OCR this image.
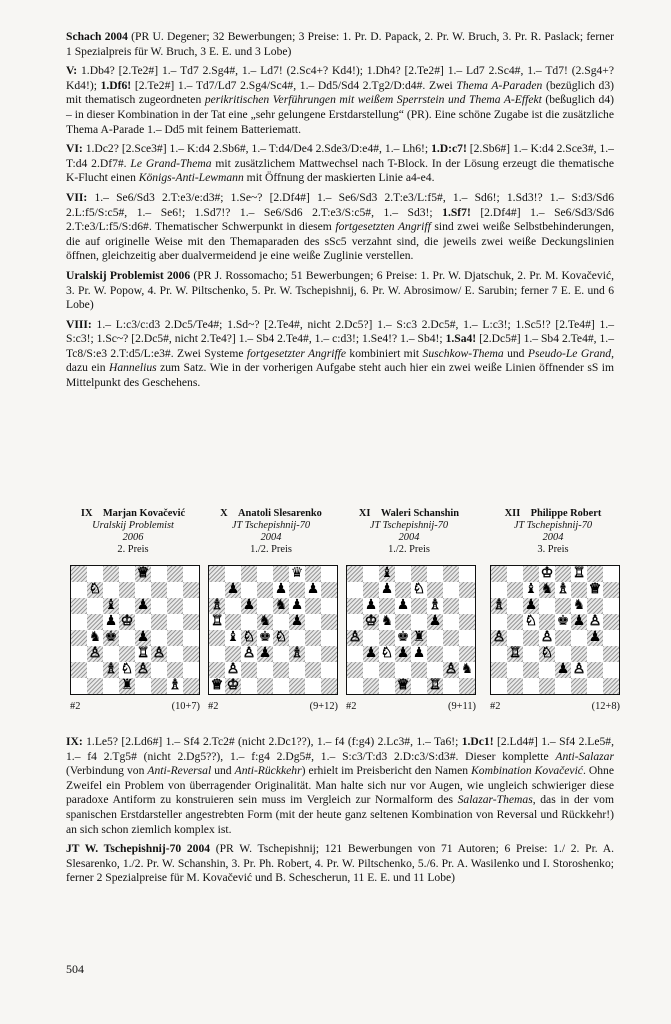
Schach 2004 (PR U. Degener; 32 Bewerbungen; 3 Preise: 1. Pr. D. Papack, 2. Pr. W. Bruch, 3. Pr. R. Paslack; ferner 1 Spezialpreis für W. Bruch, 3 E. E. und 3 Lobe)

V: 1.Db4? [2.Te2#] 1.– Td7 2.Sg4#, 1.– Ld7! (2.Sc4+? Kd4!); 1.Dh4? [2.Te2#] 1.– Ld7 2.Sc4#, 1.– Td7! (2.Sg4+? Kd4!); 1.Df6! [2.Te2#] 1.– Td7/Ld7 2.Sg4/Sc4#, 1.– Dd5/Sd4 2.Tg2/D:d4#. Zwei Thema A-Paraden (bezüglich d3) mit thematisch zugeordneten perikritischen Verführungen mit weißem Sperrstein und Thema A-Effekt (beßuglich d4) – in dieser Kombination in der Tat eine „sehr gelungene Erstdarstellung“ (PR). Eine schöne Zugabe ist die zusätzliche Thema A-Parade 1.– Dd5 mit feinem Batteriematt.

VI: 1.Dc2? [2.Sce3#] 1.– K:d4 2.Sb6#, 1.– T:d4/De4 2.Sde3/D:e4#, 1.– Lh6!; 1.D:c7! [2.Sb6#] 1.– K:d4 2.Sce3#, 1.– T:d4 2.Df7#. Le Grand-Thema mit zusätzlichem Mattwechsel nach T-Block. In der Lösung erzeugt die thematische K-Flucht einen Königs-Anti-Lewmann mit Öffnung der maskierten Linie a4-e4.

VII: 1.– Se6/Sd3 2.T:e3/e:d3#; 1.Se~? [2.Df4#] 1.– Se6/Sd3 2.T:e3/L:f5#, 1.– Sd6!; 1.Sd3!? 1.– S:d3/Sd6 2.L:f5/S:c5#, 1.– Se6!; 1.Sd7!? 1.– Se6/Sd6 2.T:e3/S:c5#, 1.– Sd3!; 1.Sf7! [2.Df4#] 1.– Se6/Sd3/Sd6 2.T:e3/L:f5/S:d6#. Thematischer Schwerpunkt in diesem fortgesetzten Angriff sind zwei weiße Selbstbehinderungen, die auf originelle Weise mit den Themaparaden des sSc5 verzahnt sind, die jeweils zwei weiße Deckungslinien öffnen, gleichzeitig aber dualvermeidend je eine weiße Zuglinie verstellen.

Uralskij Problemist 2006 (PR J. Rossomacho; 51 Bewerbungen; 6 Preise: 1. Pr. W. Djatschuk, 2. Pr. M. Kovačević, 3. Pr. W. Popow, 4. Pr. W. Piltschenko, 5. Pr. W. Tschepishnij, 6. Pr. W. Abrosimow/ E. Sarubin; ferner 7 E. E. und 6 Lobe)

VIII: 1.– L:c3/c:d3 2.Dc5/Te4#; 1.Sd~? [2.Te4#, nicht 2.Dc5?] 1.– S:c3 2.Dc5#, 1.– L:c3!; 1.Sc5!? [2.Te4#] 1.– S:c3!; 1.Sc~? [2.Dc5#, nicht 2.Te4?] 1.– Sb4 2.Te4#, 1.– c:d3!; 1.Se4!? 1.– Sb4!; 1.Sa4! [2.Dc5#] 1.– Sb4 2.Te4#, 1.– Tc8/S:e3 2.T:d5/L:e3#. Zwei Systeme fortgesetzter Angriffe kombiniert mit Suschkow-Thema und Pseudo-Le Grand, dazu ein Hannelius zum Satz. Wie in der vorherigen Aufgabe steht auch hier ein zwei weiße Linien öffnender sS im Mittelpunkt des Geschehens.

IX  Marjan Kovačević
Uralskij Problemist
2006
2. Preis
♕
♘
♝ ♟
♟ ♔
♞ ♚ ♟
♙	♖ ♙
♗ ♘ ♙
♜	♗
#2	(10+7)
X  Anatoli Slesarenko
JT Tschepishnij-70
2004
1./2. Preis
♛
♟	♟ ♟
♗ ♟ ♞ ♟
♖	♞ ♟
♝ ♘ ♚ ♘
♙ ♟ ♗
♙
♕ ♔
#2	(9+12)
XI  Waleri Schanshin
JT Tschepishnij-70
2004
1./2. Preis
♝
♟ ♘
♟ ♟ ♗
♔ ♞	♟
♙	♚ ♜
♟ ♘ ♟ ♟
♙ ♞
♕ ♖
#2	(9+11)
XII  Philippe Robert
JT Tschepishnij-70
2004
3. Preis
♔ ♖
♝ ♞ ♗ ♕
♗ ♟	♞
♘ ♚ ♟ ♙
♙	♙	♟
♖ ♘
♟ ♙
#2	(12+8)

IX: 1.Le5? [2.Ld6#] 1.– Sf4 2.Tc2# (nicht 2.Dc1??), 1.– f4 (f:g4) 2.Lc3#, 1.– Ta6!; 1.Dc1! [2.Ld4#] 1.– Sf4 2.Le5#, 1.– f4 2.Tg5# (nicht 2.Dg5??), 1.– f:g4 2.Dg5#, 1.– S:c3/T:d3 2.D:c3/S:d3#. Dieser komplette Anti-Salazar (Verbindung von Anti-Reversal und Anti-Rückkehr) erhielt im Preisbericht den Namen Kombination Kovačević. Ohne Zweifel ein Problem von überragender Originalität. Man halte sich nur vor Augen, wie ungleich schwieriger diese paradoxe Antiform zu konstruieren sein muss im Vergleich zur Normalform des Salazar-Themas, das in der vom spanischen Erstdarsteller angestrebten Form (mit der heute ganz seltenen Kombination von Reversal und Rückkehr!) an sich schon ziemlich komplex ist.

JT W. Tschepishnij-70 2004 (PR W. Tschepishnij; 121 Bewerbungen von 71 Autoren; 6 Preise: 1./ 2. Pr. A. Slesarenko, 1./2. Pr. W. Schanshin, 3. Pr. Ph. Robert, 4. Pr. W. Piltschenko, 5./6. Pr. A. Wasilenko und I. Storoshenko; ferner 2 Spezialpreise für M. Kovačević und B. Schescherun, 11 E. E. und 11 Lobe)

504
